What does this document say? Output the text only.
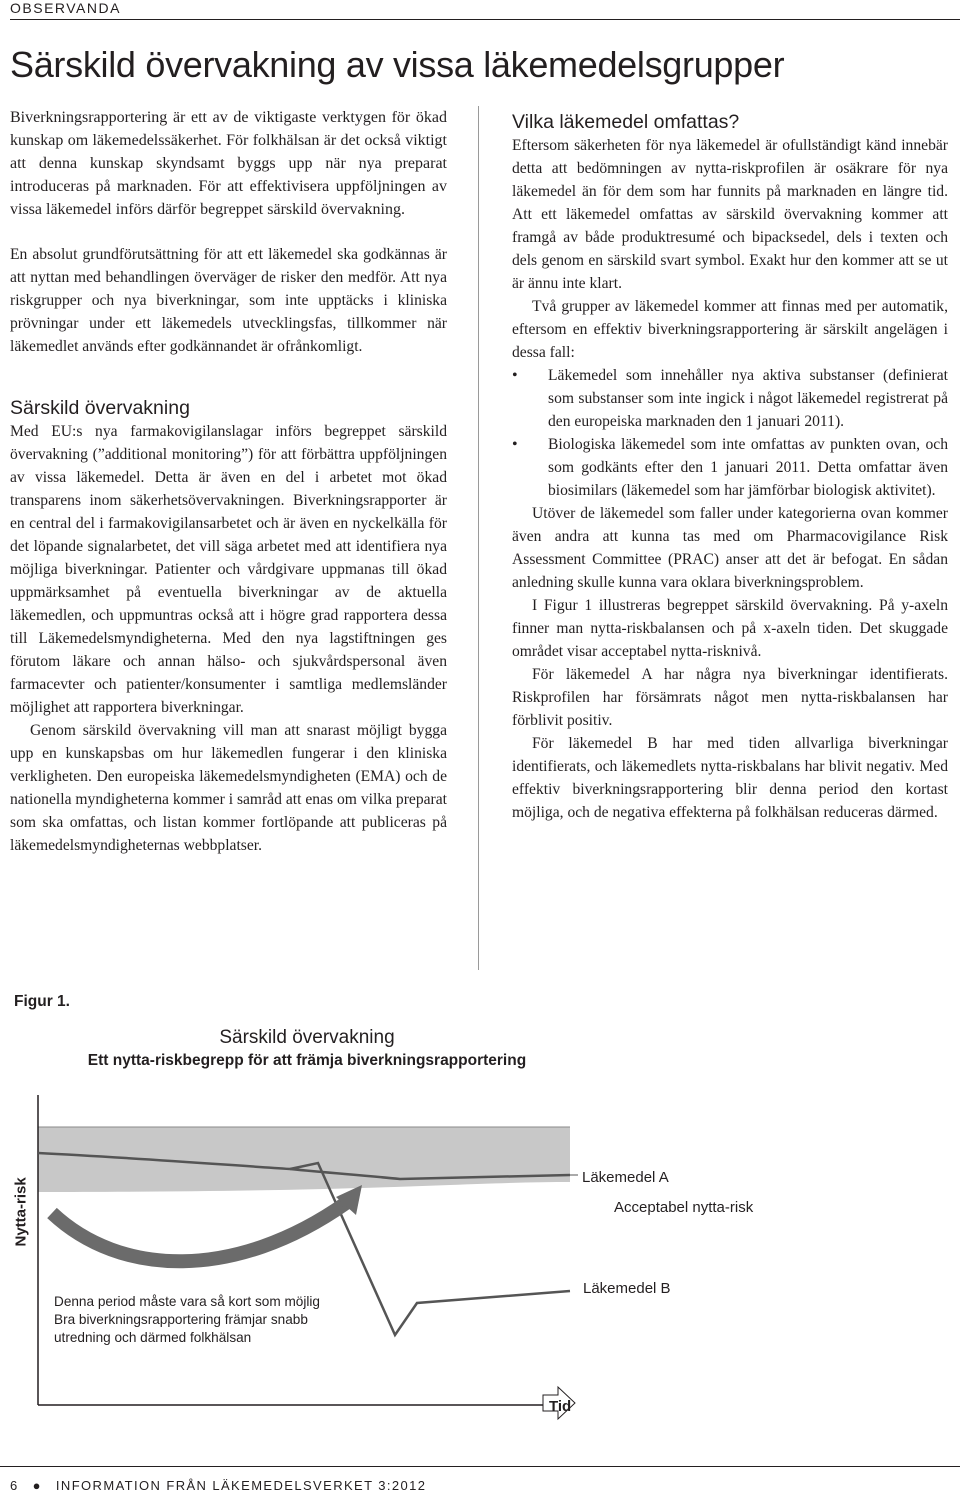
OBSERVANDA
Särskild övervakning av vissa läkemedelsgrupper

Biverkningsrapportering är ett av de viktigaste verktygen för ökad kunskap om läkemedelssäkerhet. För folkhälsan är det också viktigt att denna kunskap skyndsamt byggs upp när nya preparat introduceras på marknaden. För att effektivisera uppföljningen av vissa läkemedel införs därför begreppet särskild övervakning.

En absolut grundförutsättning för att ett läkemedel ska godkännas är att nyttan med behandlingen överväger de risker den medför. Att nya riskgrupper och nya biverkningar, som inte upptäcks i kliniska prövningar under ett läkemedels utvecklingsfas, tillkommer när läkemedlet används efter godkännandet är ofrånkomligt.

Särskild övervakning

Med EU:s nya farmakovigilanslagar införs begreppet särskild övervakning (”additional monitoring”) för att förbättra uppföljningen av vissa läkemedel. Detta är även en del i arbetet mot ökad transparens inom säkerhetsövervakningen. Biverkningsrapporter är en central del i farmakovigilansarbetet och är även en nyckelkälla för det löpande signalarbetet, det vill säga arbetet med att identifiera nya möjliga biverkningar. Patienter och vårdgivare uppmanas till ökad uppmärksamhet på eventuella biverkningar av de aktuella läkemedlen, och uppmuntras också att i högre grad rapportera dessa till Läkemedelsmyndigheterna. Med den nya lagstiftningen ges förutom läkare och annan hälso- och sjukvårdspersonal även farmacevter och patienter/konsumenter i samtliga medlemsländer möjlighet att rapportera biverkningar.

Genom särskild övervakning vill man att snarast möjligt bygga upp en kunskapsbas om hur läkemedlen fungerar i den kliniska verkligheten. Den europeiska läkemedelsmyndigheten (EMA) och de nationella myndigheterna kommer i samråd att enas om vilka preparat som ska omfattas, och listan kommer fortlöpande att publiceras på läkemedelsmyndigheternas webbplatser.

Vilka läkemedel omfattas?

Eftersom säkerheten för nya läkemedel är ofullständigt känd innebär detta att bedömningen av nytta-riskprofilen är osäkrare för nya läkemedel än för dem som har funnits på marknaden en längre tid. Att ett läkemedel omfattas av särskild övervakning kommer att framgå av både produktresumé och bipacksedel, dels i texten och dels genom en särskild svart symbol. Exakt hur den kommer att se ut är ännu inte klart.

Två grupper av läkemedel kommer att finnas med per automatik, eftersom en effektiv biverkningsrapportering är särskilt angelägen i dessa fall:

• Läkemedel som innehåller nya aktiva substanser (definierat som substanser som inte ingick i något läkemedel registrerat på den europeiska marknaden den 1 januari 2011).
• Biologiska läkemedel som inte omfattas av punkten ovan, och som godkänts efter den 1 januari 2011. Detta omfattar även biosimilars (läkemedel som har jämförbar biologisk aktivitet).

Utöver de läkemedel som faller under kategorierna ovan kommer även andra att kunna tas med om Pharmacovigilance Risk Assessment Committee (PRAC) anser att det är befogat. En sådan anledning skulle kunna vara oklara biverkningsproblem.

I Figur 1 illustreras begreppet särskild övervakning. På y-axeln finner man nytta-riskbalansen och på x-axeln tiden. Det skuggade området visar acceptabel nytta-risknivå.

För läkemedel A har några nya biverkningar identifierats. Riskprofilen har försämrats något men nytta-riskbalansen har förblivit positiv.

För läkemedel B har med tiden allvarliga biverkningar identifierats, och läkemedlets nytta-riskbalans har blivit negativ. Med effektiv biverkningsrapportering blir denna period den kortast möjliga, och de negativa effekterna på folkhälsan reduceras därmed.

Figur 1.
Särskild övervakning
Ett nytta-riskbegrepp för att främja biverkningsrapportering
Nytta-risk	Läkemedel A
Acceptabel nytta-risk
Läkemedel B
Tid
Denna period måste vara så kort som möjlig
Bra biverkningsrapportering främjar snabb
utredning och därmed folkhälsan
6 ● INFORMATION FRÅN LÄKEMEDELSVERKET 3:2012
